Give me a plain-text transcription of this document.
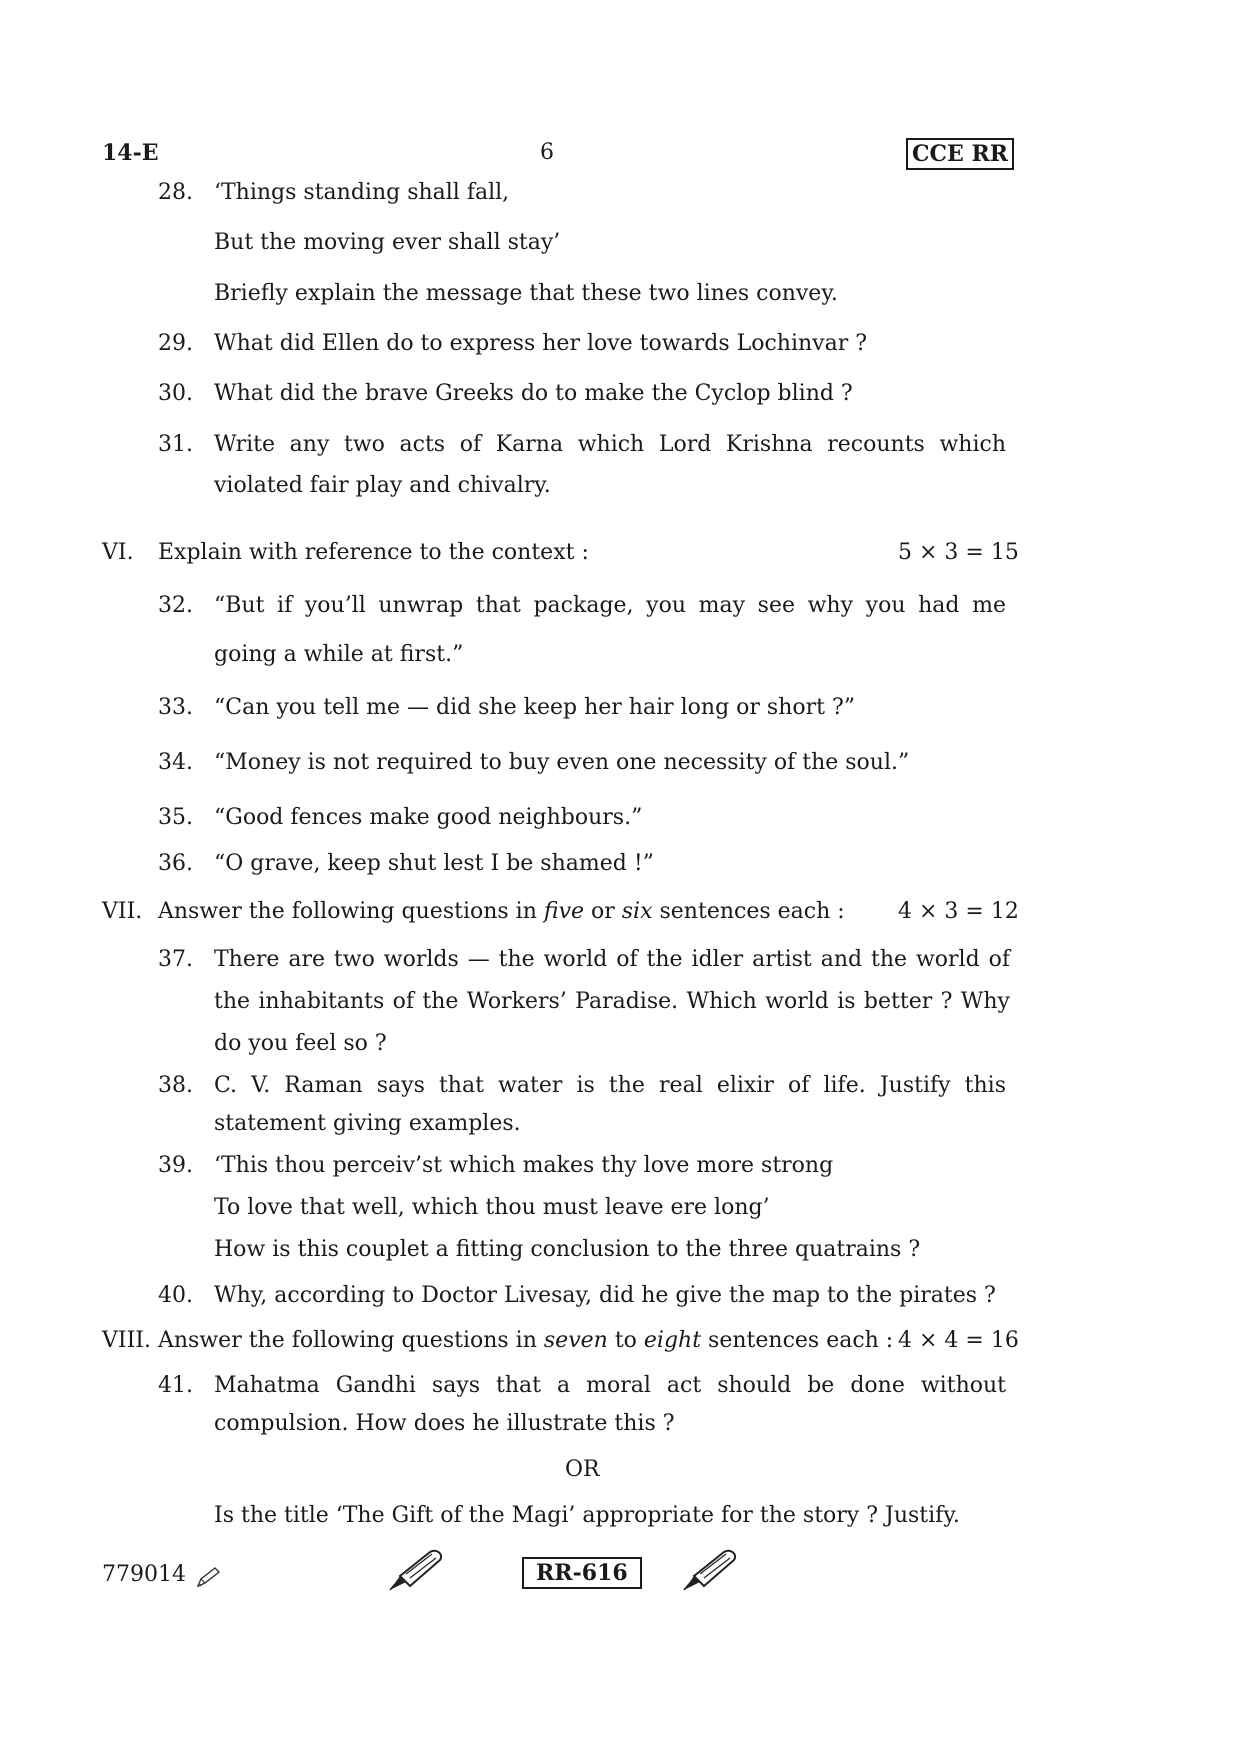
14-E	6	CCE RR
28. ‘Things standing shall fall,
But the moving ever shall stay’
Briefly explain the message that these two lines convey.
29. What did Ellen do to express her love towards Lochinvar ?
30. What did the brave Greeks do to make the Cyclop blind ?
31. Write any two acts of Karna which Lord Krishna recounts which
violated fair play and chivalry.
VI. Explain with reference to the context :	5 × 3 = 15
32. “But if you’ll unwrap that package, you may see why you had me
going a while at first.”
33. “Can you tell me — did she keep her hair long or short ?”
34. “Money is not required to buy even one necessity of the soul.”
35. “Good fences make good neighbours.”
36. “O grave, keep shut lest I be shamed !”
VII. Answer the following questions in five or six sentences each : 4 × 3 = 12
37. There are two worlds — the world of the idler artist and the world of
the inhabitants of the Workers’ Paradise. Which world is better ? Why
do you feel so ?
38. C. V. Raman says that water is the real elixir of life. Justify this
statement giving examples.
39. ‘This thou perceiv’st which makes thy love more strong
To love that well, which thou must leave ere long’
How is this couplet a fitting conclusion to the three quatrains ?
40. Why, according to Doctor Livesay, did he give the map to the pirates ?
VIII. Answer the following questions in seven to eight sentences each : 4 × 4 = 16
41. Mahatma Gandhi says that a moral act should be done without
compulsion. How does he illustrate this ?
OR
Is the title ‘The Gift of the Magi’ appropriate for the story ? Justify.
779014	RR-616
